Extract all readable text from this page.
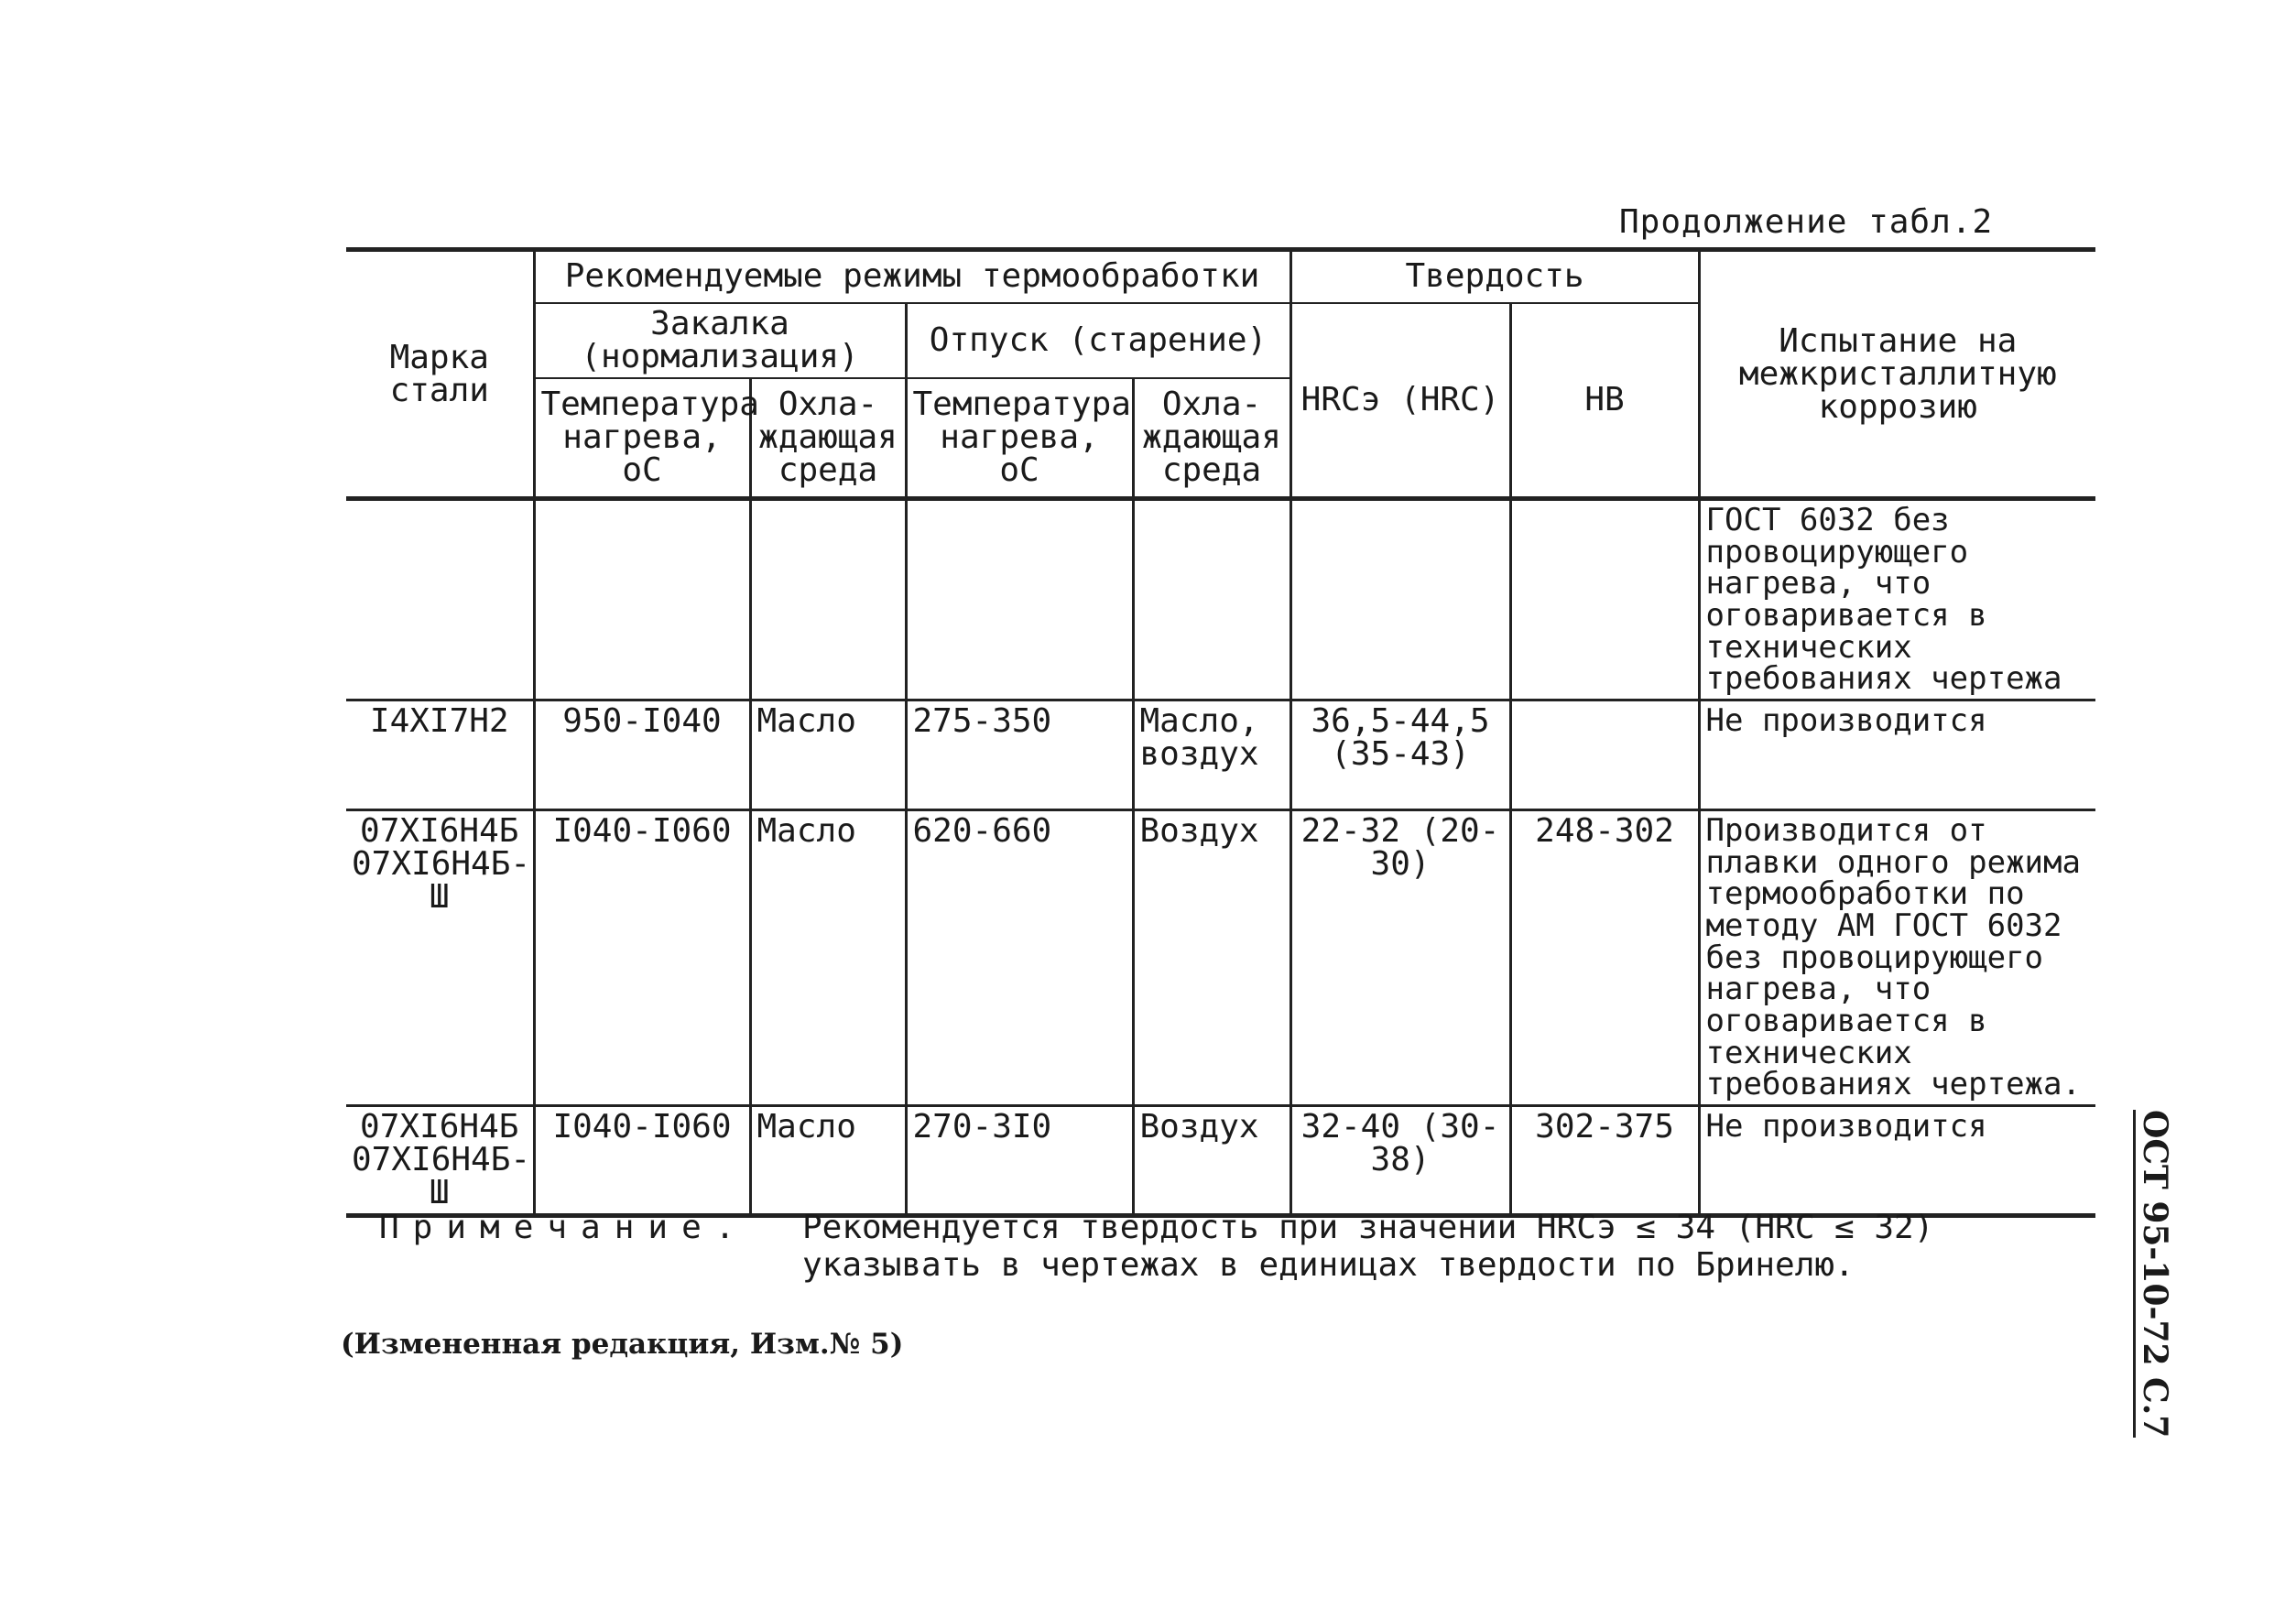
Продолжение табл.2
Марка стали	Рекомендуемые режимы термообработки				Твердость		Испытание на межкристаллитную коррозию
	Закалка (нормализация)		Отпуск (старение)		HRCэ (HRC)	HB	
	Температура нагрева, оС	Охла-ждающая среда	Температура нагрева, оС	Охла-ждающая среда			
							ГОСТ 6032 без провоцирующего нагрева, что оговаривается в технических требованиях чертежа
I4XI7H2	950-I040	Масло	275-350	Масло, воздух	36,5-44,5 (35-43)		Не производится
07XI6H4Б 07XI6H4Б-Ш	I040-I060	Масло	620-660	Воздух	22-32 (20-30)	248-302	Производится от плавки одного режима термообработки по методу АМ ГОСТ 6032 без провоцирующего нагрева, что оговаривается в технических требованиях чертежа.
07XI6H4Б 07XI6H4Б-Ш	I040-I060	Масло	270-3I0	Воздух	32-40 (30-38)	302-375	Не производится
Примечание. Рекомендуется твердость при значении HRCэ ≤ 34 (HRC ≤ 32) указывать в чертежах в единицах твердости по Бринелю.
(Измененная редакция, Изм.№ 5)	ОСТ 95-10-72 С.7
